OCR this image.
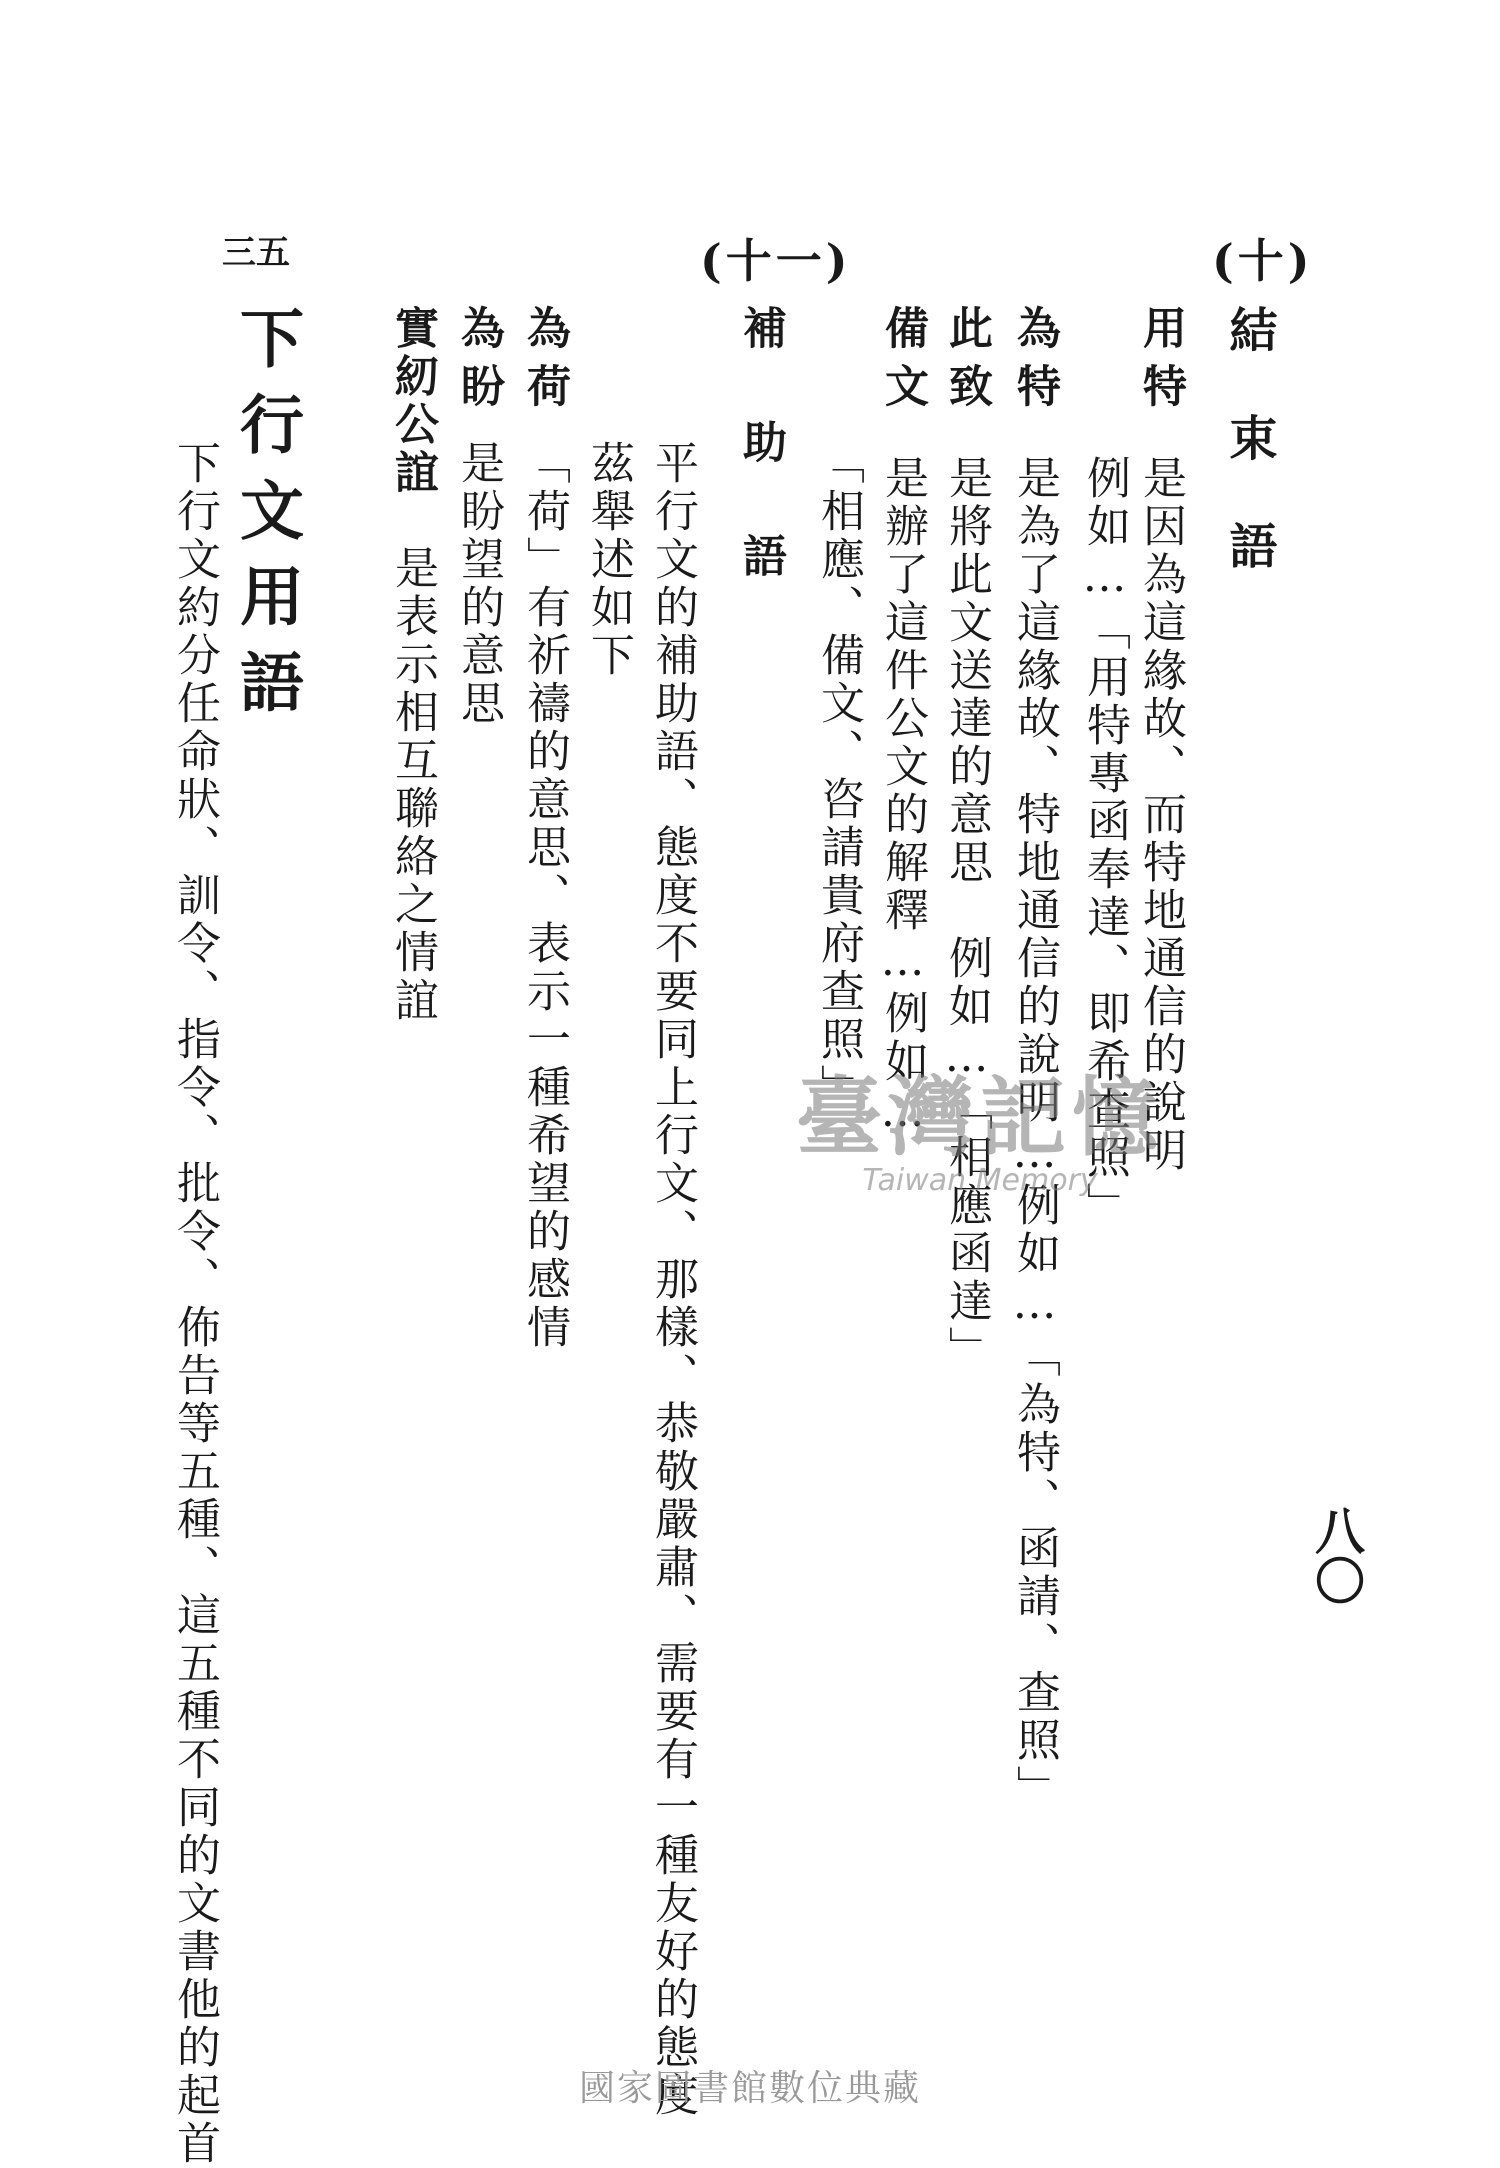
八〇
(十)
結束語
用特
是因為這緣故、而特地通信的說明
例如…「用特專函奉達、即希查照」
為特
是為了這緣故、特地通信的說明…例如…「為特、函請、查照」
此致
是將此文送達的意思　例如…「相應函達」
備文
是辦了這件公文的解釋…例如…
「相應、備文、咨請貴府查照」
(十一)
補助語
平行文的補助語、態度不要同上行文、那樣、恭敬嚴肅、需要有一種友好的態度
茲舉述如下
為荷
「荷」有祈禱的意思、表示一種希望的感情
為盼
是盼望的意思
實紉公誼
是表示相互聯絡之情誼
三五
下行文用語
下行文約分任命狀、訓令、指令、批令、佈告等五種、這五種不同的文書他的起首	臺灣記憶
Taiwan Memory
國家圖書館數位典藏
